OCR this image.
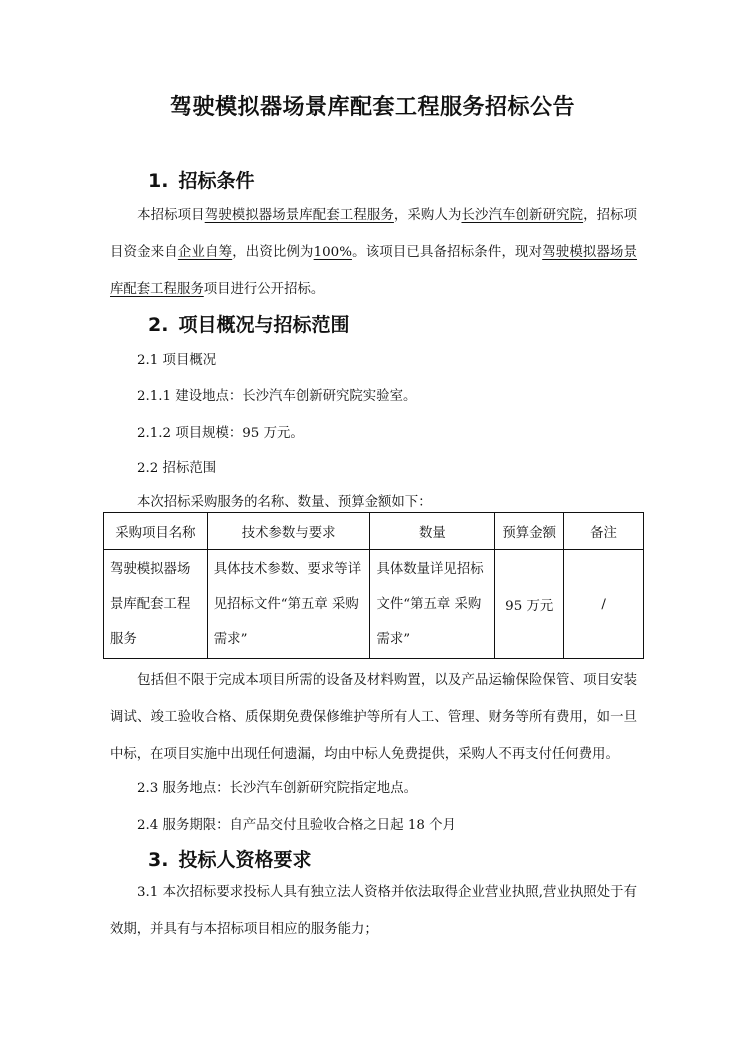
驾驶模拟器场景库配套工程服务招标公告
1. 招标条件
本招标项目驾驶模拟器场景库配套工程服务，采购人为长沙汽车创新研究院，招标项目资金来自企业自筹，出资比例为100%。该项目已具备招标条件，现对驾驶模拟器场景库配套工程服务项目进行公开招标。
2. 项目概况与招标范围
2.1 项目概况
2.1.1 建设地点：长沙汽车创新研究院实验室。
2.1.2 项目规模：95 万元。
2.2 招标范围
本次招标采购服务的名称、数量、预算金额如下：
采购项目名称	技术参数与要求	数量	预算金额	备注

驾驶模拟器场景库配套工程服务	具体技术参数、要求等详见招标文件“第五章 采购需求”	具体数量详见招标文件“第五章 采购需求”	95 万元	/
包括但不限于完成本项目所需的设备及材料购置，以及产品运输保险保管、项目安装调试、竣工验收合格、质保期免费保修维护等所有人工、管理、财务等所有费用，如一旦中标，在项目实施中出现任何遗漏，均由中标人免费提供，采购人不再支付任何费用。
2.3 服务地点：长沙汽车创新研究院指定地点。
2.4 服务期限：自产品交付且验收合格之日起 18 个月
3. 投标人资格要求
3.1 本次招标要求投标人具有独立法人资格并依法取得企业营业执照,营业执照处于有效期，并具有与本招标项目相应的服务能力；
